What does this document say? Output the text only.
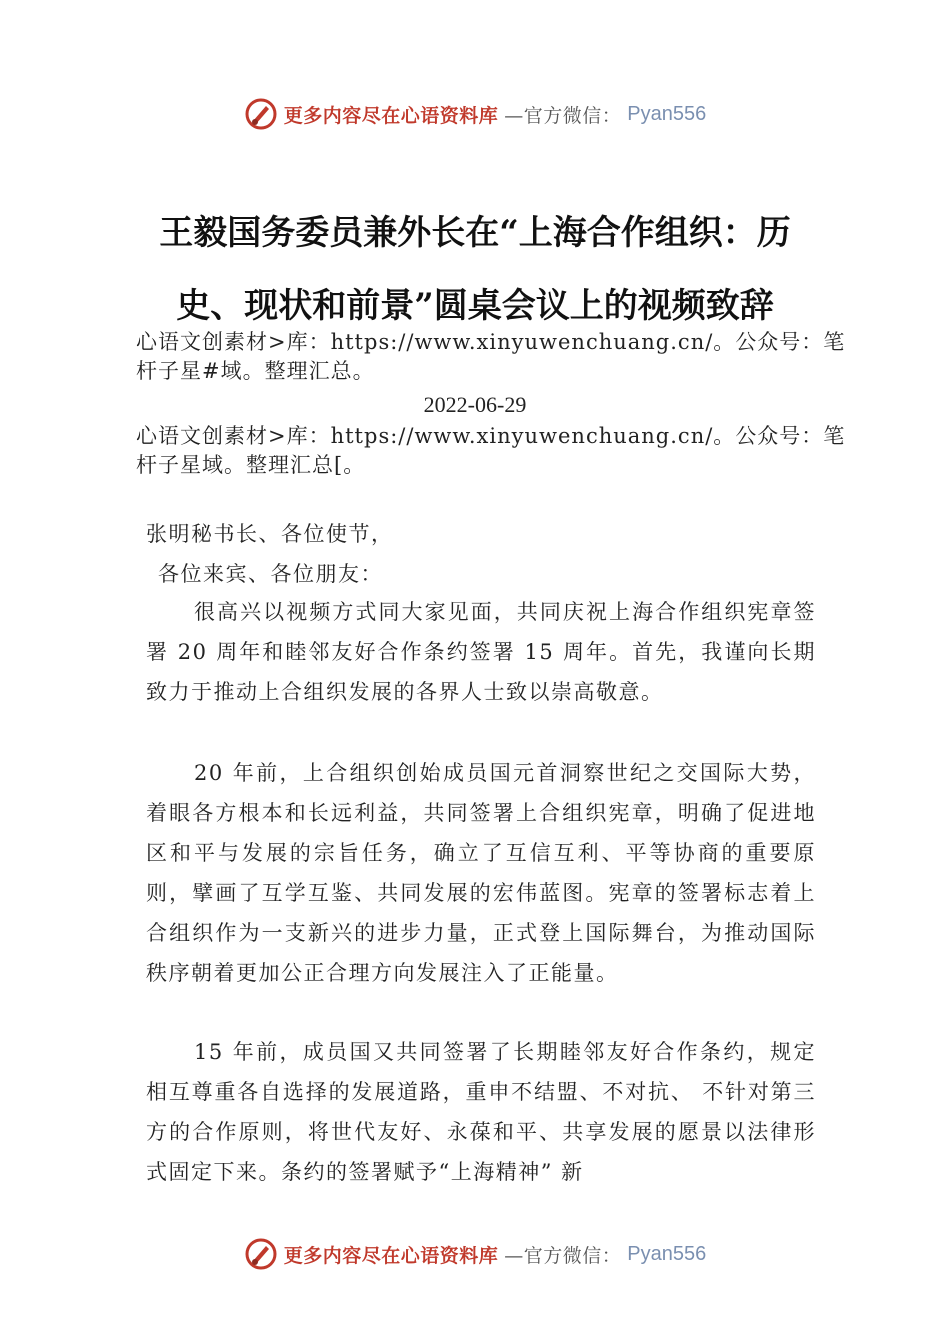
更多内容尽在心语资料库 —官方微信： Pyan556
王毅国务委员兼外长在“上海合作组织：历
史、现状和前景”圆桌会议上的视频致辞
心语文创素材>库：https://www.xinyuwenchuang.cn/。公众号：笔杆子星#域。整理汇总。
2022-06-29
心语文创素材>库：https://www.xinyuwenchuang.cn/。公众号：笔杆子星域。整理汇总[。
张明秘书长、各位使节，
各位来宾、各位朋友：
很高兴以视频方式同大家见面，共同庆祝上海合作组织宪章签署 20 周年和睦邻友好合作条约签署 15 周年。首先，我谨向长期致力于推动上合组织发展的各界人士致以崇高敬意。
20 年前，上合组织创始成员国元首洞察世纪之交国际大势，着眼各方根本和长远利益，共同签署上合组织宪章，明确了促进地区和平与发展的宗旨任务，确立了互信互利、平等协商的重要原则，擘画了互学互鉴、共同发展的宏伟蓝图。宪章的签署标志着上合组织作为一支新兴的进步力量，正式登上国际舞台，为推动国际秩序朝着更加公正合理方向发展注入了正能量。
15 年前，成员国又共同签署了长期睦邻友好合作条约，规定相互尊重各自选择的发展道路，重申不结盟、不对抗、 不针对第三方的合作原则，将世代友好、永葆和平、共享发展的愿景以法律形式固定下来。条约的签署赋予“上海精神” 新
更多内容尽在心语资料库 —官方微信： Pyan556
